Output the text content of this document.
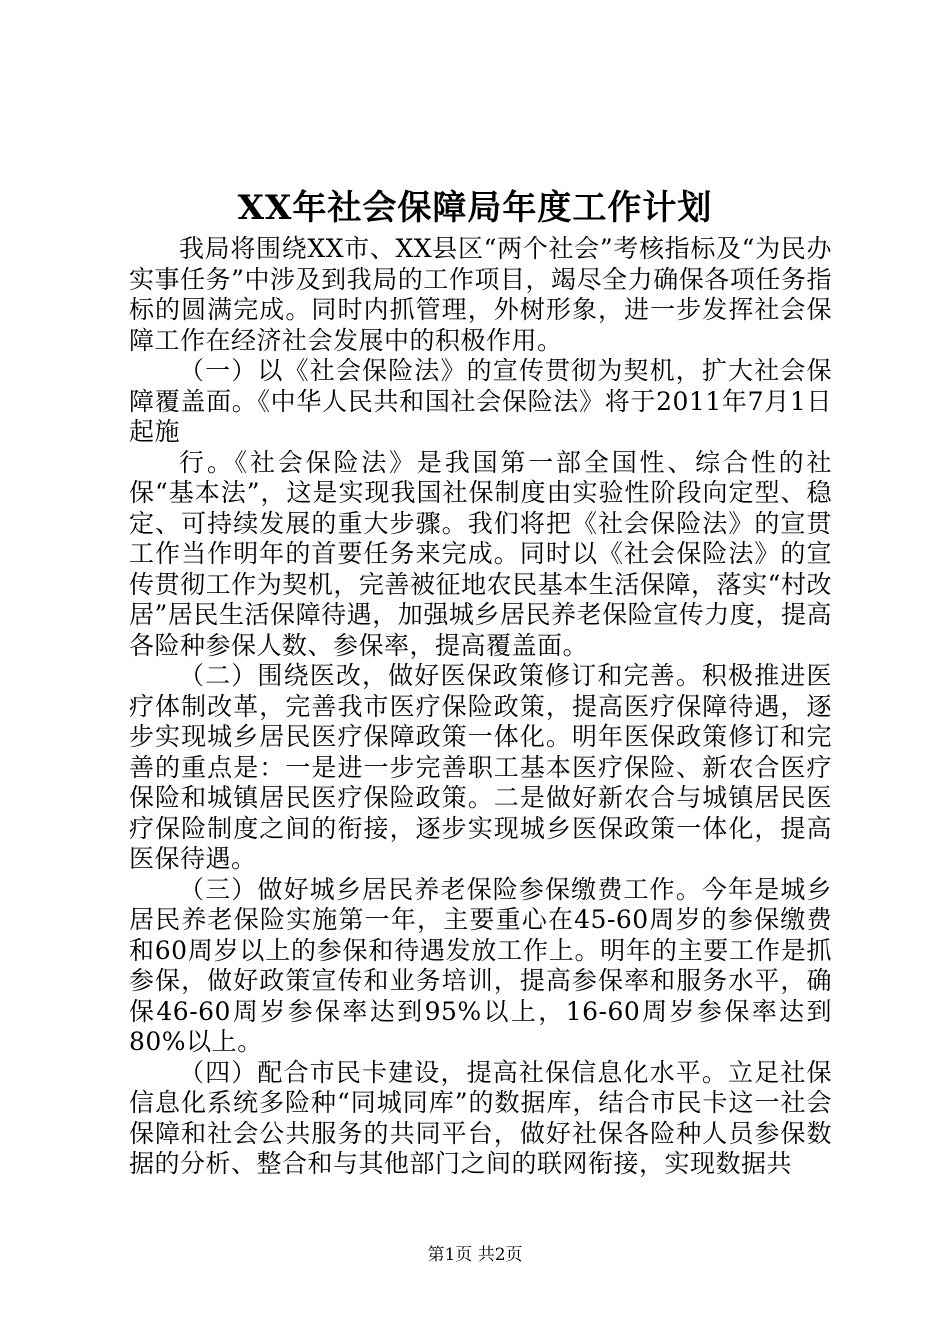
XX年社会保障局年度工作计划

我局将围绕XX市、XX县区“两个社会”考核指标及“为民办实事任务”中涉及到我局的工作项目，竭尽全力确保各项任务指标的圆满完成。同时内抓管理，外树形象，进一步发挥社会保障工作在经济社会发展中的积极作用。

（一）以《社会保险法》的宣传贯彻为契机，扩大社会保障覆盖面。《中华人民共和国社会保险法》将于2011年7月1日起施

行。《社会保险法》是我国第一部全国性、综合性的社保“基本法”，这是实现我国社保制度由实验性阶段向定型、稳定、可持续发展的重大步骤。我们将把《社会保险法》的宣贯工作当作明年的首要任务来完成。同时以《社会保险法》的宣传贯彻工作为契机，完善被征地农民基本生活保障，落实“村改居”居民生活保障待遇，加强城乡居民养老保险宣传力度，提高各险种参保人数、参保率，提高覆盖面。

（二）围绕医改，做好医保政策修订和完善。积极推进医疗体制改革，完善我市医疗保险政策，提高医疗保障待遇，逐步实现城乡居民医疗保障政策一体化。明年医保政策修订和完善的重点是：一是进一步完善职工基本医疗保险、新农合医疗保险和城镇居民医疗保险政策。二是做好新农合与城镇居民医疗保险制度之间的衔接，逐步实现城乡医保政策一体化，提高医保待遇。

（三）做好城乡居民养老保险参保缴费工作。今年是城乡居民养老保险实施第一年，主要重心在45-60周岁的参保缴费和60周岁以上的参保和待遇发放工作上。明年的主要工作是抓参保，做好政策宣传和业务培训，提高参保率和服务水平，确保46-60周岁参保率达到95%以上，16-60周岁参保率达到80%以上。

（四）配合市民卡建设，提高社保信息化水平。立足社保信息化系统多险种“同城同库”的数据库，结合市民卡这一社会保障和社会公共服务的共同平台，做好社保各险种人员参保数据的分析、整合和与其他部门之间的联网衔接，实现数据共

第1页 共2页
